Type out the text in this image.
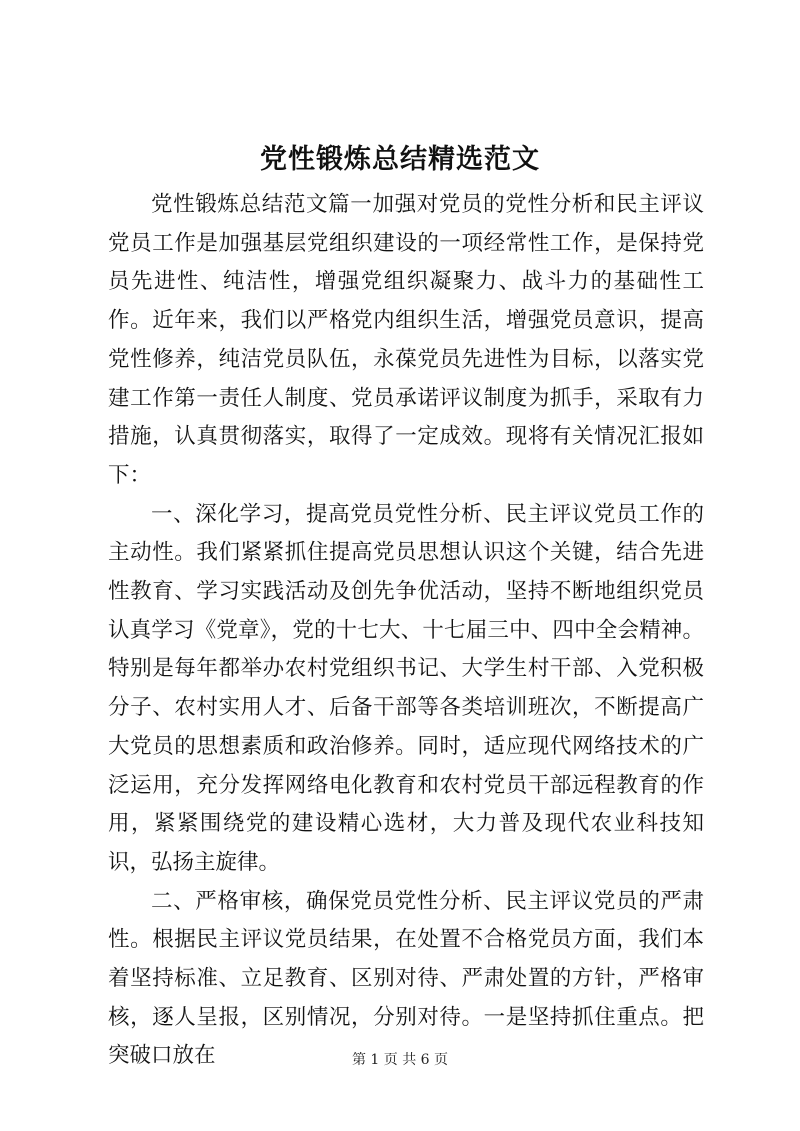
党性锻炼总结精选范文

党性锻炼总结范文篇一加强对党员的党性分析和民主评议党员工作是加强基层党组织建设的一项经常性工作，是保持党员先进性、纯洁性，增强党组织凝聚力、战斗力的基础性工作。近年来，我们以严格党内组织生活，增强党员意识，提高党性修养，纯洁党员队伍，永葆党员先进性为目标，以落实党建工作第一责任人制度、党员承诺评议制度为抓手，采取有力措施，认真贯彻落实，取得了一定成效。现将有关情况汇报如下：

一、深化学习，提高党员党性分析、民主评议党员工作的主动性。我们紧紧抓住提高党员思想认识这个关键，结合先进性教育、学习实践活动及创先争优活动，坚持不断地组织党员认真学习《党章》，党的十七大、十七届三中、四中全会精神。特别是每年都举办农村党组织书记、大学生村干部、入党积极分子、农村实用人才、后备干部等各类培训班次，不断提高广大党员的思想素质和政治修养。同时，适应现代网络技术的广泛运用，充分发挥网络电化教育和农村党员干部远程教育的作用，紧紧围绕党的建设精心选材，大力普及现代农业科技知识，弘扬主旋律。

二、严格审核，确保党员党性分析、民主评议党员的严肃性。根据民主评议党员结果，在处置不合格党员方面，我们本着坚持标准、立足教育、区别对待、严肃处置的方针，严格审核，逐人呈报，区别情况，分别对待。一是坚持抓住重点。把突破口放在	第 1 页 共 6 页
